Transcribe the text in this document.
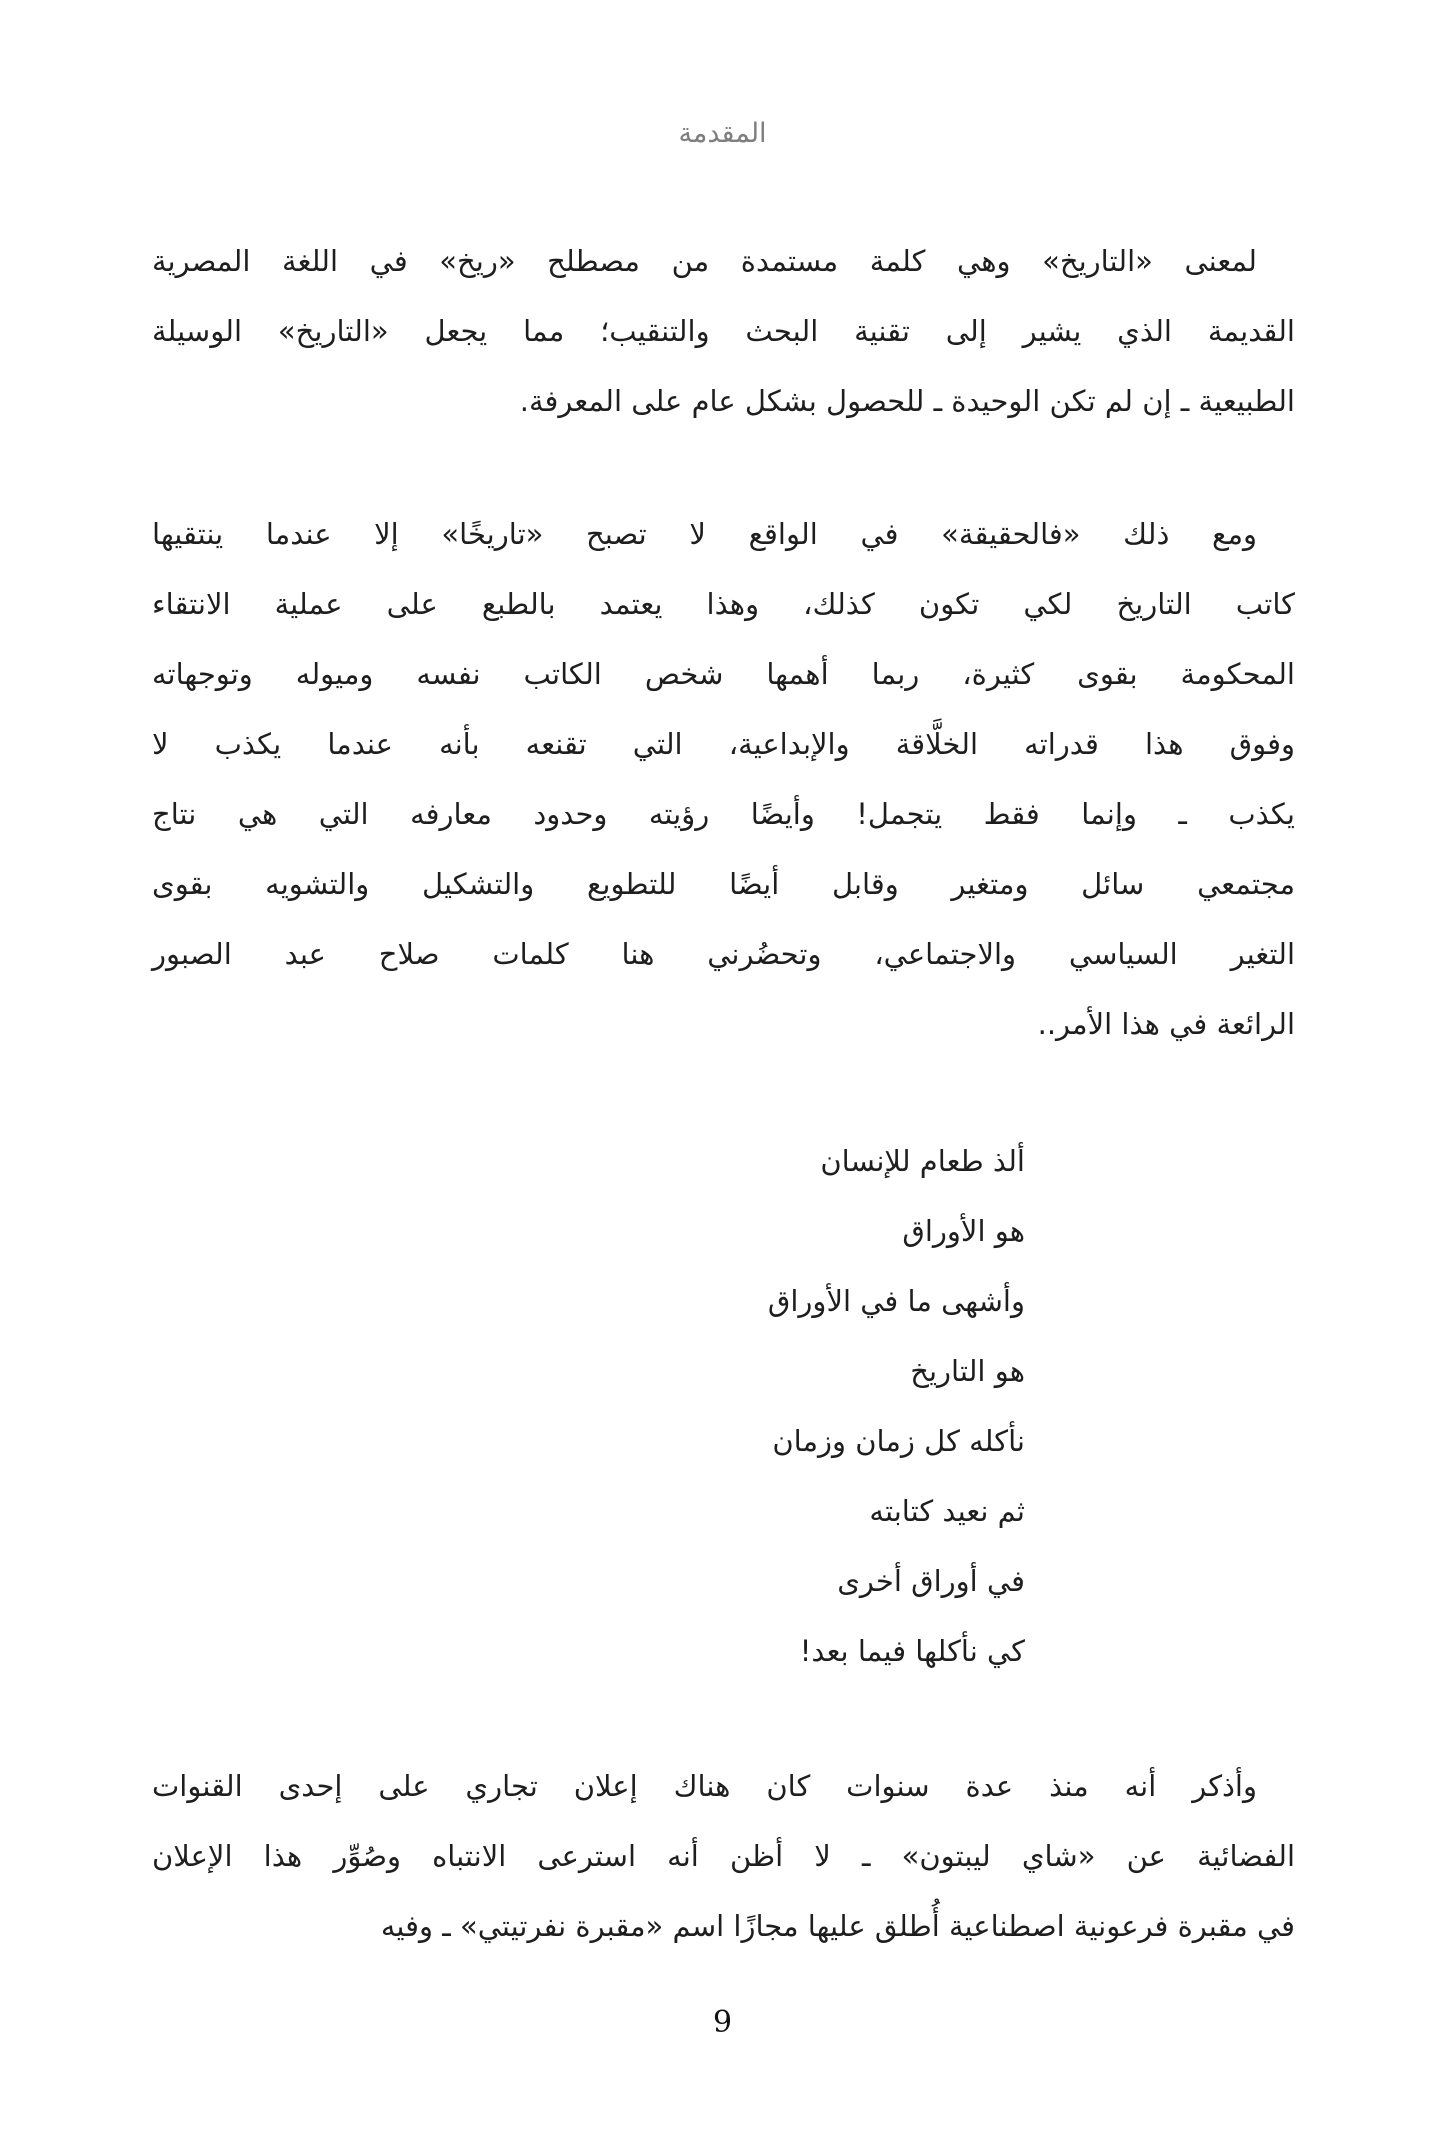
المقدمة
لمعنى «التاريخ» وهي كلمة مستمدة من مصطلح «ريخ» في اللغة المصرية
القديمة الذي يشير إلى تقنية البحث والتنقيب؛ مما يجعل «التاريخ» الوسيلة
الطبيعية ـ إن لم تكن الوحيدة ـ للحصول بشكل عام على المعرفة.
ومع ذلك «فالحقيقة» في الواقع لا تصبح «تاريخًا» إلا عندما ينتقيها
كاتب التاريخ لكي تكون كذلك، وهذا يعتمد بالطبع على عملية الانتقاء
المحكومة بقوى كثيرة، ربما أهمها شخص الكاتب نفسه وميوله وتوجهاته
وفوق هذا قدراته الخلَّاقة والإبداعية، التي تقنعه بأنه عندما يكذب لا
يكذب ـ وإنما فقط يتجمل! وأيضًا رؤيته وحدود معارفه التي هي نتاج
مجتمعي سائل ومتغير وقابل أيضًا للتطويع والتشكيل والتشويه بقوى
التغير السياسي والاجتماعي، وتحضُرني هنا كلمات صلاح عبد الصبور
الرائعة في هذا الأمر..
ألذ طعام للإنسان
هو الأوراق
وأشهى ما في الأوراق
هو التاريخ
نأكله كل زمان وزمان
ثم نعيد كتابته
في أوراق أخرى
كي نأكلها فيما بعد!
وأذكر أنه منذ عدة سنوات كان هناك إعلان تجاري على إحدى القنوات
الفضائية عن «شاي ليبتون» ـ لا أظن أنه استرعى الانتباه وصُوِّر هذا الإعلان
في مقبرة فرعونية اصطناعية أُطلق عليها مجازًا اسم «مقبرة نفرتيتي» ـ وفيه
9
